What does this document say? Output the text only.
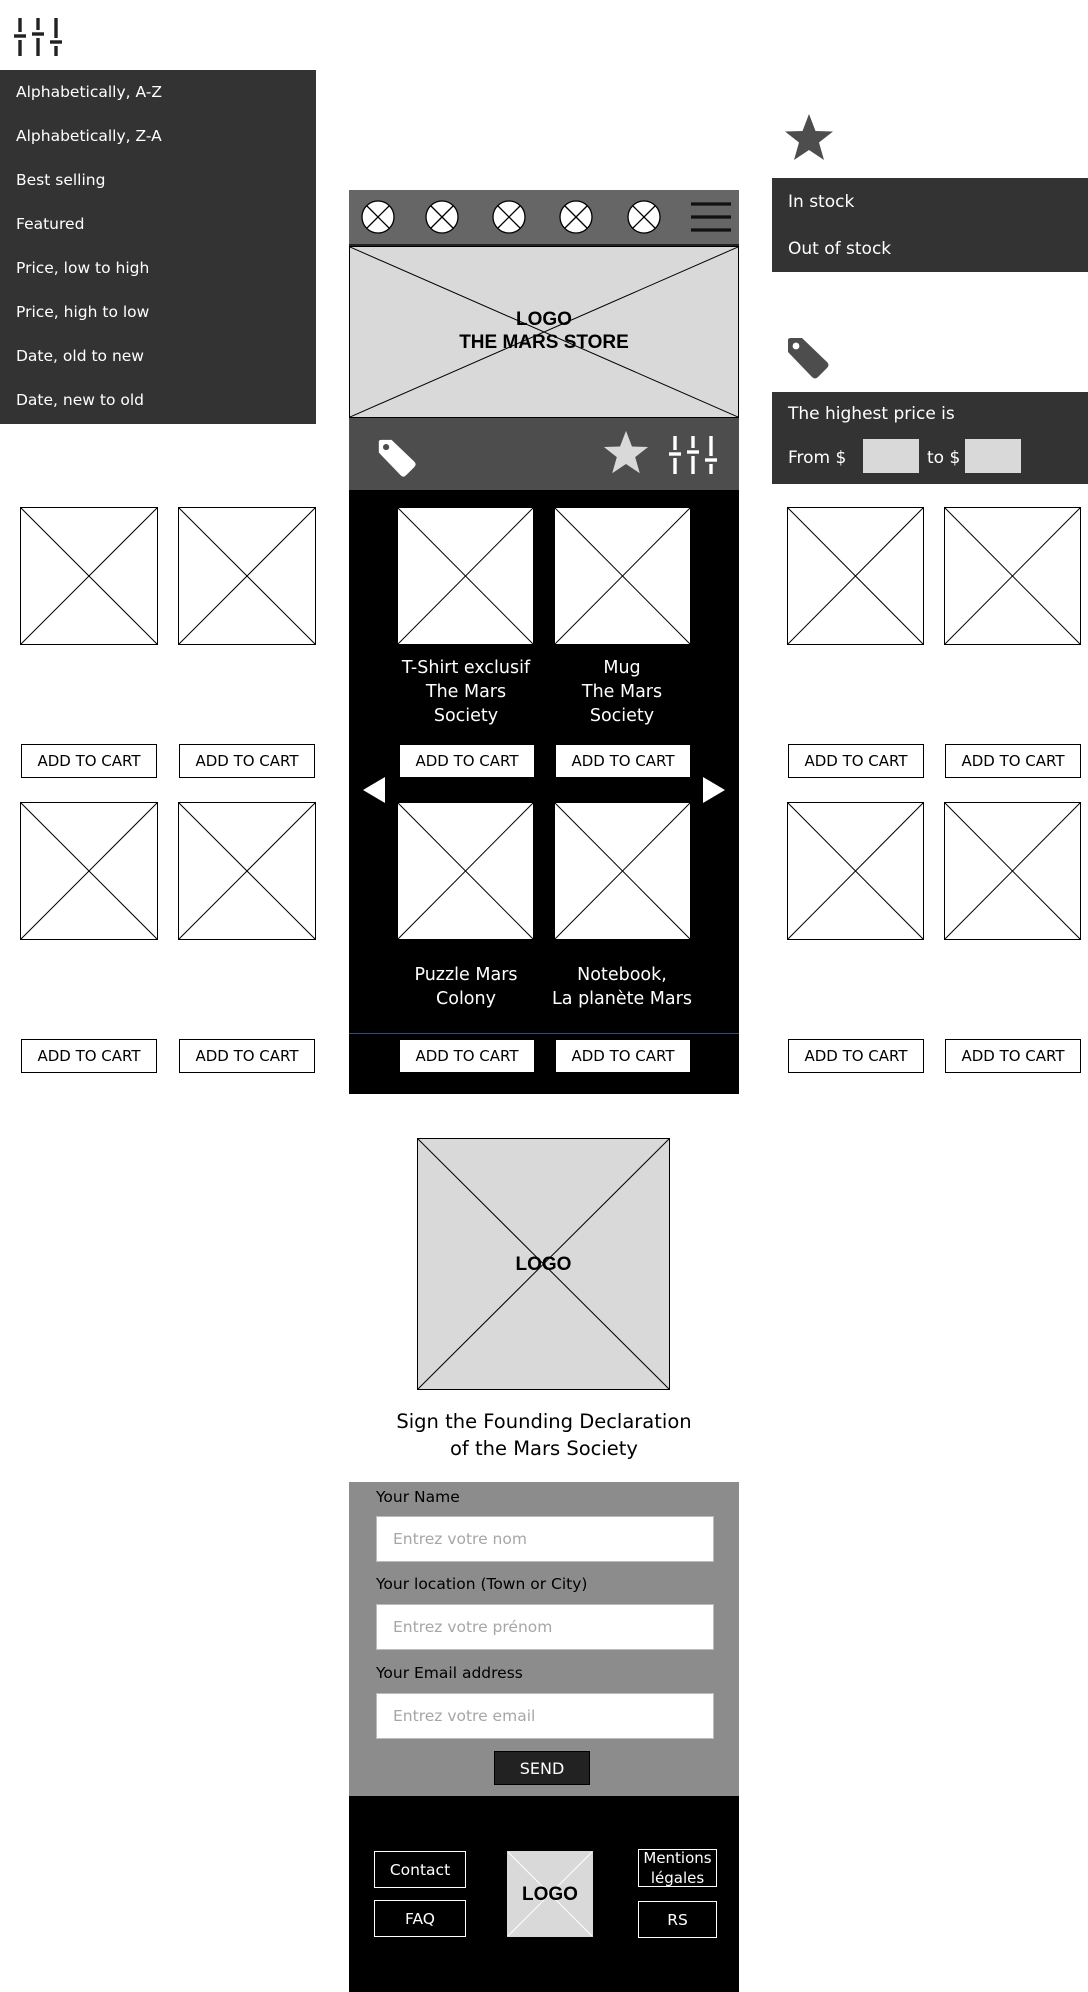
Alphabetically, A-Z
Alphabetically, Z-A
Best selling
Featured
Price, low to high
Price, high to low
Date, old to new
Date, new to old
ADD TO CART	ADD TO CART
ADD TO CART	ADD TO CART
In stock
Out of stock
The highest price is
From $	to $
ADD TO CART	ADD TO CART
ADD TO CART	ADD TO CART
LOGO
THE MARS STORE
T-Shirt exclusif
The Mars
Society
Mug
The Mars
Society
ADD TO CART	ADD TO CART
Puzzle Mars
Colony
Notebook,
La planète Mars
ADD TO CART	ADD TO CART
LOGO
Sign the Founding Declaration
of the Mars Society
Your Name
Entrez votre nom
Your location (Town or City)
Entrez votre prénom
Your Email address
Entrez votre email
SEND
Contact
FAQ
LOGO
Mentions
légales
RS
